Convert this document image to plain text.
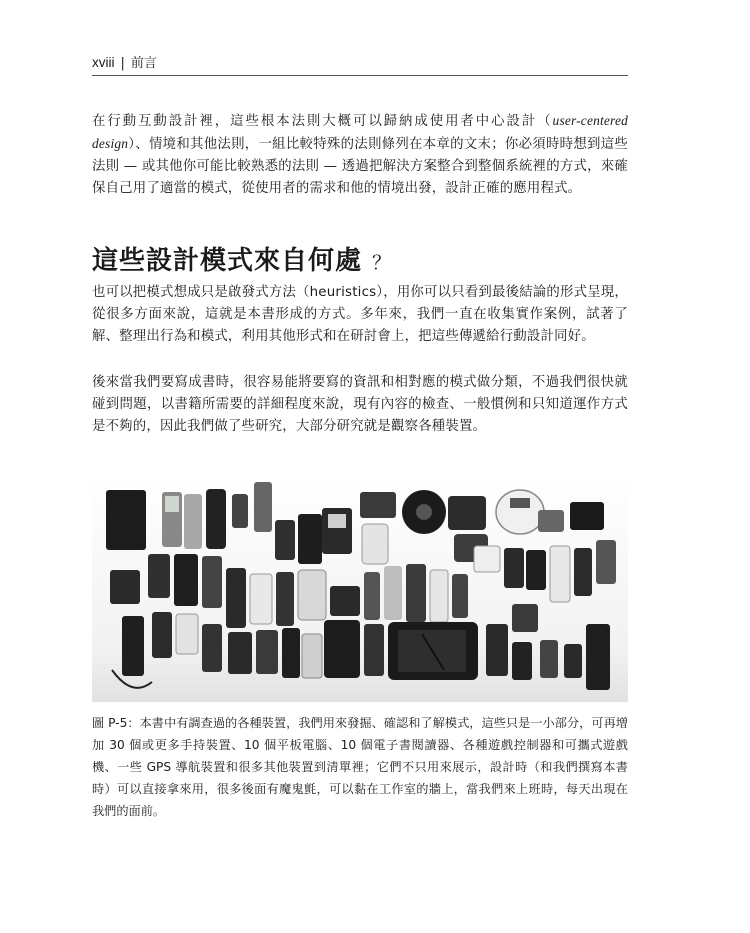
xviii | 前言
在行動互動設計裡，這些根本法則大概可以歸納成使用者中心設計（user-centered design）、情境和其他法則，一組比較特殊的法則條列在本章的文末；你必須時時想到這些法則 — 或其他你可能比較熟悉的法則 — 透過把解決方案整合到整個系統裡的方式，來確保自己用了適當的模式，從使用者的需求和他的情境出發，設計正確的應用程式。
這些設計模式來自何處 ？
也可以把模式想成只是啟發式方法（heuristics），用你可以只看到最後結論的形式呈現，從很多方面來說，這就是本書形成的方式。多年來，我們一直在收集實作案例，試著了解、整理出行為和模式，利用其他形式和在研討會上，把這些傳遞給行動設計同好。
後來當我們要寫成書時，很容易能將要寫的資訊和相對應的模式做分類，不過我們很快就碰到問題，以書籍所需要的詳細程度來說，現有內容的檢查、一般慣例和只知道運作方式是不夠的，因此我們做了些研究，大部分研究就是觀察各種裝置。
圖 P-5：本書中有調查過的各種裝置，我們用來發掘、確認和了解模式，這些只是一小部分，可再增加 30 個或更多手持裝置、10 個平板電腦、10 個電子書閱讀器、各種遊戲控制器和可攜式遊戲機、一些 GPS 導航裝置和很多其他裝置到清單裡；它們不只用來展示，設計時（和我們撰寫本書時）可以直接拿來用，很多後面有魔鬼氈，可以黏在工作室的牆上，當我們來上班時，每天出現在我們的面前。
